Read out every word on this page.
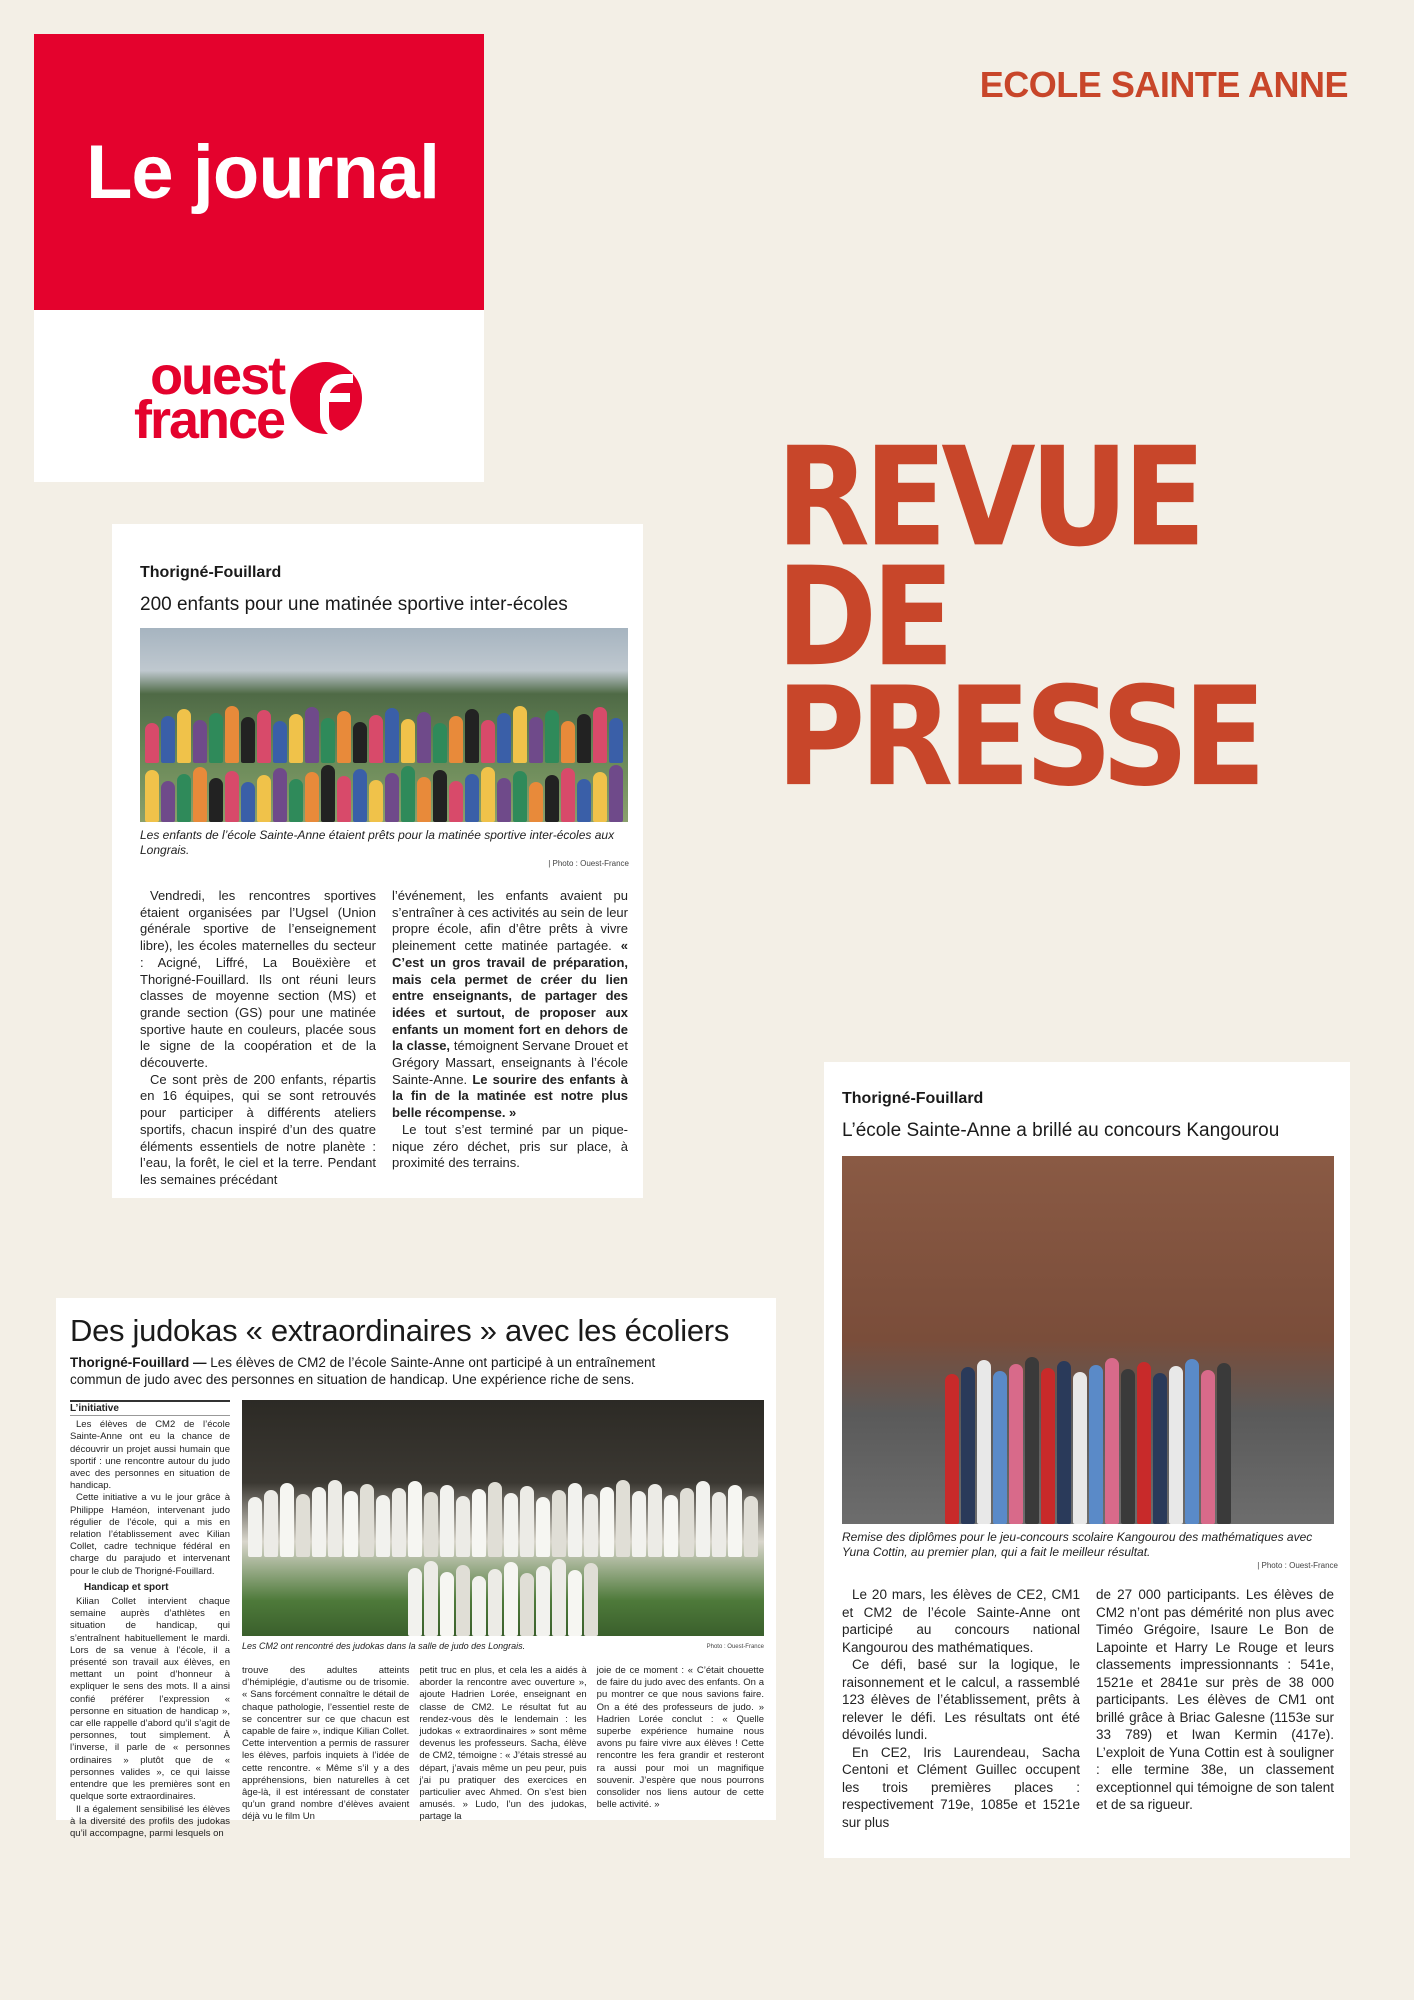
Le journal
ouest
france
ECOLE SAINTE ANNE
REVUE
DE
PRESSE
Thorigné-Fouillard
200 enfants pour une matinée sportive inter-écoles
Les enfants de l’école Sainte-Anne étaient prêts pour la matinée sportive inter-écoles aux Longrais.
| Photo : Ouest-France

Vendredi, les rencontres sportives étaient organisées par l’Ugsel (Union générale sportive de l’enseignement libre), les écoles maternelles du secteur : Acigné, Liffré, La Bouëxière et Thorigné-Fouillard. Ils ont réuni leurs classes de moyenne section (MS) et grande section (GS) pour une matinée sportive haute en couleurs, placée sous le signe de la coopération et de la découverte.

Ce sont près de 200 enfants, répartis en 16 équipes, qui se sont retrouvés pour participer à différents ateliers sportifs, chacun inspiré d’un des quatre éléments essentiels de notre planète : l’eau, la forêt, le ciel et la terre. Pendant les semaines précédant

l’événement, les enfants avaient pu s’entraîner à ces activités au sein de leur propre école, afin d’être prêts à vivre pleinement cette matinée partagée. « C’est un gros travail de préparation, mais cela permet de créer du lien entre enseignants, de partager des idées et surtout, de proposer aux enfants un moment fort en dehors de la classe, témoignent Servane Drouet et Grégory Massart, enseignants à l’école Sainte-Anne. Le sourire des enfants à la fin de la matinée est notre plus belle récompense. »

Le tout s’est terminé par un pique-nique zéro déchet, pris sur place, à proximité des terrains.

Thorigné-Fouillard
L’école Sainte-Anne a brillé au concours Kangourou
Remise des diplômes pour le jeu-concours scolaire Kangourou des mathématiques avec Yuna Cottin, au premier plan, qui a fait le meilleur résultat.
| Photo : Ouest-France

Le 20 mars, les élèves de CE2, CM1 et CM2 de l’école Sainte-Anne ont participé au concours national Kangourou des mathématiques.

Ce défi, basé sur la logique, le raisonnement et le calcul, a rassemblé 123 élèves de l’établissement, prêts à relever le défi. Les résultats ont été dévoilés lundi.

En CE2, Iris Laurendeau, Sacha Centoni et Clément Guillec occupent les trois premières places : respectivement 719e, 1085e et 1521e sur plus

de 27 000 participants. Les élèves de CM2 n’ont pas démérité non plus avec Timéo Grégoire, Isaure Le Bon de Lapointe et Harry Le Rouge et leurs classements impressionnants : 541e, 1521e et 2841e sur près de 38 000 participants. Les élèves de CM1 ont brillé grâce à Briac Galesne (1153e sur 33 789) et Iwan Kermin (417e). L’exploit de Yuna Cottin est à souligner : elle termine 38e, un classement exceptionnel qui témoigne de son talent et de sa rigueur.

Des judokas « extraordinaires » avec les écoliers
Thorigné-Fouillard — Les élèves de CM2 de l’école Sainte-Anne ont participé à un entraînement commun de judo avec des personnes en situation de handicap. Une expérience riche de sens.
L’initiative

Les élèves de CM2 de l’école Sainte-Anne ont eu la chance de découvrir un projet aussi humain que sportif : une rencontre autour du judo avec des personnes en situation de handicap.

Cette initiative a vu le jour grâce à Philippe Haméon, intervenant judo régulier de l’école, qui a mis en relation l’établissement avec Kilian Collet, cadre technique fédéral en charge du parajudo et intervenant pour le club de Thorigné-Fouillard.

Handicap et sport

Kilian Collet intervient chaque semaine auprès d’athlètes en situation de handicap, qui s’entraînent habituellement le mardi. Lors de sa venue à l’école, il a présenté son travail aux élèves, en mettant un point d’honneur à expliquer le sens des mots. Il a ainsi confié préférer l’expression « personne en situation de handicap », car elle rappelle d’abord qu’il s’agit de personnes, tout simplement. À l’inverse, il parle de « personnes ordinaires » plutôt que de « personnes valides », ce qui laisse entendre que les premières sont en quelque sorte extraordinaires.

Il a également sensibilisé les élèves à la diversité des profils des judokas qu’il accompagne, parmi lesquels on

Les CM2 ont rencontré des judokas dans la salle de judo des Longrais.	Photo : Ouest-France
trouve des adultes atteints d’hémiplégie, d’autisme ou de trisomie. « Sans forcément connaître le détail de chaque pathologie, l’essentiel reste de se concentrer sur ce que chacun est capable de faire », indique Kilian Collet. Cette intervention a permis de rassurer les élèves, parfois inquiets à l’idée de cette rencontre. « Même s’il y a des appréhensions, bien naturelles à cet âge-là, il est intéressant de constater qu’un grand nombre d’élèves avaient déjà vu le film Un
petit truc en plus, et cela les a aidés à aborder la rencontre avec ouverture », ajoute Hadrien Lorée, enseignant en classe de CM2. Le résultat fut au rendez-vous dès le lendemain : les judokas « extraordinaires » sont même devenus les professeurs. Sacha, élève de CM2, témoigne : « J’étais stressé au départ, j’avais même un peu peur, puis j’ai pu pratiquer des exercices en particulier avec Ahmed. On s’est bien amusés. » Ludo, l’un des judokas, partage la
joie de ce moment : « C’était chouette de faire du judo avec des enfants. On a pu montrer ce que nous savions faire. On a été des professeurs de judo. » Hadrien Lorée conclut : « Quelle superbe expérience humaine nous avons pu faire vivre aux élèves ! Cette rencontre les fera grandir et resteront ra aussi pour moi un magnifique souvenir. J’espère que nous pourrons consolider nos liens autour de cette belle activité. »
